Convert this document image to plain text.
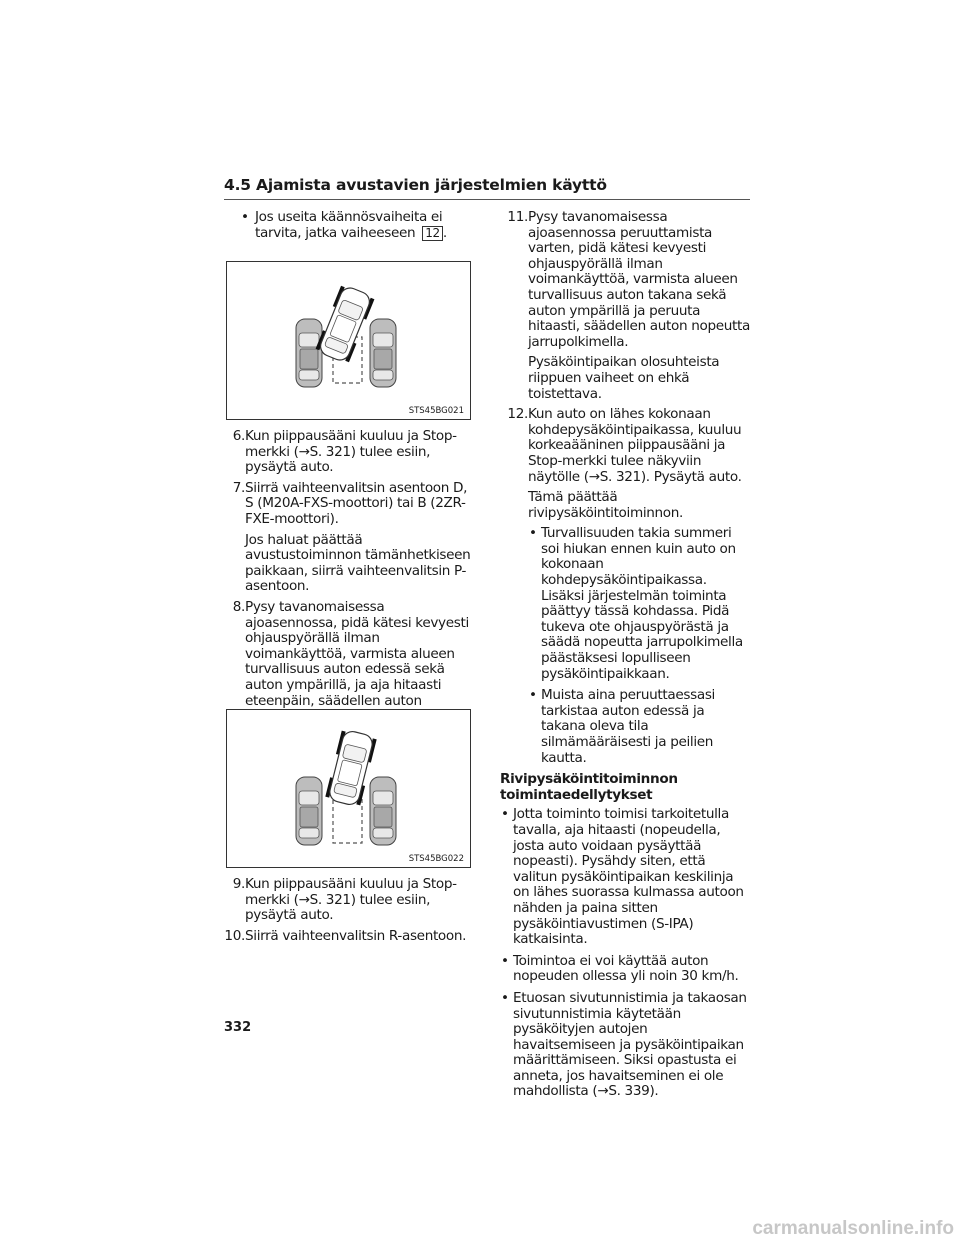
4.5 Ajamista avustavien järjestelmien käyttö
• Jos useita käännösvaiheita ei tarvita, jatka vaiheeseen 12 .
STS45BG021
6. Kun piippausääni kuuluu ja Stop-merkki (→S. 321) tulee esiin, pysäytä auto.

7. Siirrä vaihteenvalitsin asentoon D, S (M20A-FXS-moottori) tai B (2ZR-FXE-moottori).

Jos haluat päättää avustustoiminnon tämänhetkiseen paikkaan, siirrä vaihteenvalitsin P-asentoon.

8. Pysy tavanomaisessa ajoasennossa, pidä kätesi kevyesti ohjauspyörällä ilman voimankäyttöä, varmista alueen turvallisuus auton edessä sekä auton ympärillä, ja aja hitaasti eteenpäin, säädellen auton

STS45BG022
9. Kun piippausääni kuuluu ja Stop-merkki (→S. 321) tulee esiin, pysäytä auto.

10. Siirrä vaihteenvalitsin R-asentoon.

11. Pysy tavanomaisessa ajoasennossa peruuttamista varten, pidä kätesi kevyesti ohjauspyörällä ilman voimankäyttöä, varmista alueen turvallisuus auton takana sekä auton ympärillä ja peruuta hitaasti, säädellen auton nopeutta jarrupolkimella.

Pysäköintipaikan olosuhteista riippuen vaiheet on ehkä toistettava.

12. Kun auto on lähes kokonaan kohdepysäköintipaikassa, kuuluu korkeaääninen piippausääni ja Stop-merkki tulee näkyviin näytölle (→S. 321). Pysäytä auto.

Tämä päättää rivipysäköintitoiminnon.

• Turvallisuuden takia summeri soi hiukan ennen kuin auto on kokonaan kohdepysäköintipaikassa. Lisäksi järjestelmän toiminta päättyy tässä kohdassa. Pidä tukeva ote ohjauspyörästä ja säädä nopeutta jarrupolkimella päästäksesi lopulliseen pysäköintipaikkaan.
• Muista aina peruuttaessasi tarkistaa auton edessä ja takana oleva tila silmämääräisesti ja peilien kautta.
Rivipysäköintitoiminnon toimintaedellytykset
• Jotta toiminto toimisi tarkoitetulla tavalla, aja hitaasti (nopeudella, josta auto voidaan pysäyttää nopeasti). Pysähdy siten, että valitun pysäköintipaikan keskilinja on lähes suorassa kulmassa autoon nähden ja paina sitten pysäköintiavustimen (S-IPA) katkaisinta.
• Toimintoa ei voi käyttää auton nopeuden ollessa yli noin 30 km/h.
• Etuosan sivutunnistimia ja takaosan sivutunnistimia käytetään pysäköityjen autojen havaitsemiseen ja pysäköintipaikan määrittämiseen. Siksi opastusta ei anneta, jos havaitseminen ei ole mahdollista (→S. 339).
332
carmanualsonline.info
